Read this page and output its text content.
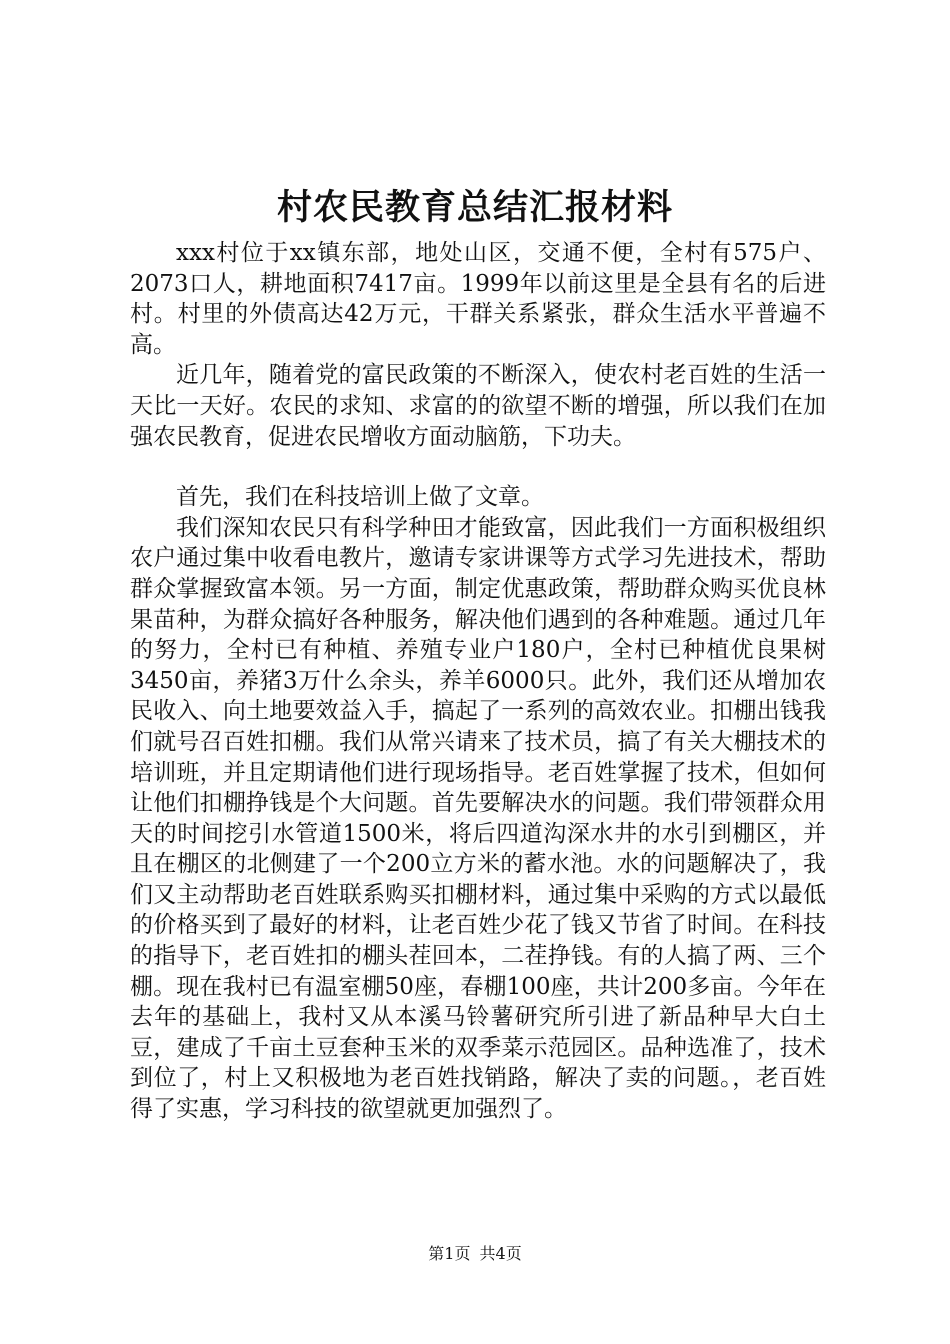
村农民教育总结汇报材料

xxx村位于xx镇东部，地处山区，交通不便，全村有575户、2073口人，耕地面积7417亩。1999年以前这里是全县有名的后进村。村里的外债高达42万元，干群关系紧张，群众生活水平普遍不高。

近几年，随着党的富民政策的不断深入，使农村老百姓的生活一天比一天好。农民的求知、求富的的欲望不断的增强，所以我们在加强农民教育，促进农民增收方面动脑筋，下功夫。

首先，我们在科技培训上做了文章。

我们深知农民只有科学种田才能致富，因此我们一方面积极组织农户通过集中收看电教片，邀请专家讲课等方式学习先进技术，帮助群众掌握致富本领。另一方面，制定优惠政策，帮助群众购买优良林果苗种，为群众搞好各种服务，解决他们遇到的各种难题。通过几年的努力，全村已有种植、养殖专业户180户，全村已种植优良果树3450亩，养猪3万什么余头，养羊6000只。此外，我们还从增加农民收入、向土地要效益入手，搞起了一系列的高效农业。扣棚出钱我们就号召百姓扣棚。我们从常兴请来了技术员，搞了有关大棚技术的培训班，并且定期请他们进行现场指导。老百姓掌握了技术，但如何让他们扣棚挣钱是个大问题。首先要解决水的问题。我们带领群众用天的时间挖引水管道1500米，将后四道沟深水井的水引到棚区，并且在棚区的北侧建了一个200立方米的蓄水池。水的问题解决了，我们又主动帮助老百姓联系购买扣棚材料，通过集中采购的方式以最低的价格买到了最好的材料，让老百姓少花了钱又节省了时间。在科技的指导下，老百姓扣的棚头茬回本，二茬挣钱。有的人搞了两、三个棚。现在我村已有温室棚50座，春棚100座，共计200多亩。今年在去年的基础上，我村又从本溪马铃薯研究所引进了新品种早大白土豆，建成了千亩土豆套种玉米的双季菜示范园区。品种选准了，技术到位了，村上又积极地为老百姓找销路，解决了卖的问题。，老百姓得了实惠，学习科技的欲望就更加强烈了。

第1页 共4页
